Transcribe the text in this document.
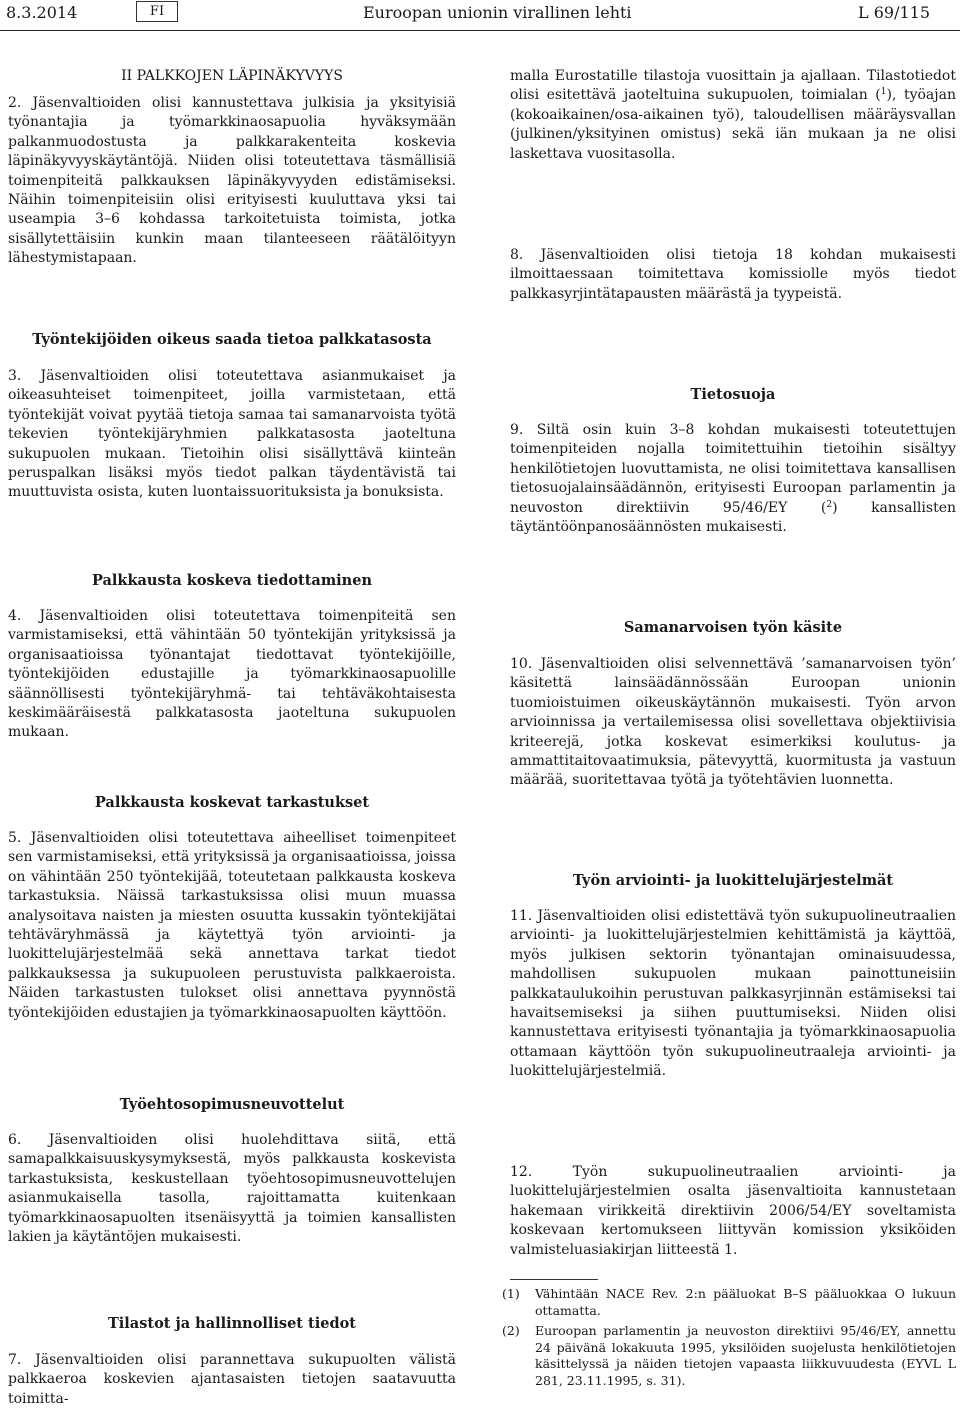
8.3.2014	FI	Euroopan unionin virallinen lehti	L 69/115
II PALKKOJEN LÄPINÄKYVYYS
2. Jäsenvaltioiden olisi kannustettava julkisia ja yksityisiä työnantajia ja työmarkkinaosapuolia hyväksymään palkanmuodostusta ja palkkarakenteita koskevia läpinäkyvyyskäytäntöjä. Niiden olisi toteutettava täsmällisiä toimenpiteitä palkkauksen läpinäkyvyyden edistämiseksi. Näihin toimenpiteisiin olisi erityisesti kuuluttava yksi tai useampia 3–6 kohdassa tarkoitetuista toimista, jotka sisällytettäisiin kunkin maan tilanteeseen räätälöityyn lähestymistapaan.
Työntekijöiden oikeus saada tietoa palkkatasosta
3. Jäsenvaltioiden olisi toteutettava asianmukaiset ja oikeasuhteiset toimenpiteet, joilla varmistetaan, että työntekijät voivat pyytää tietoja samaa tai samanarvoista työtä tekevien työntekijäryhmien palkkatasosta jaoteltuna sukupuolen mukaan. Tietoihin olisi sisällyttävä kiinteän peruspalkan lisäksi myös tiedot palkan täydentävistä tai muuttuvista osista, kuten luontaissuorituksista ja bonuksista.
Palkkausta koskeva tiedottaminen
4. Jäsenvaltioiden olisi toteutettava toimenpiteitä sen varmistamiseksi, että vähintään 50 työntekijän yrityksissä ja organisaatioissa työnantajat tiedottavat työntekijöille, työntekijöiden edustajille ja työmarkkinaosapuolille säännöllisesti työntekijäryhmä- tai tehtäväkohtaisesta keskimääräisestä palkkatasosta jaoteltuna sukupuolen mukaan.
Palkkausta koskevat tarkastukset
5. Jäsenvaltioiden olisi toteutettava aiheelliset toimenpiteet sen varmistamiseksi, että yrityksissä ja organisaatioissa, joissa on vähintään 250 työntekijää, toteutetaan palkkausta koskeva tarkastuksia. Näissä tarkastuksissa olisi muun muassa analysoitava naisten ja miesten osuutta kussakin työntekijätai tehtäväryhmässä ja käytettyä työn arviointi- ja luokittelujärjestelmää sekä annettava tarkat tiedot palkkauksessa ja sukupuoleen perustuvista palkkaeroista. Näiden tarkastusten tulokset olisi annettava pyynnöstä työntekijöiden edustajien ja työmarkkinaosapuolten käyttöön.
Työehtosopimusneuvottelut
6. Jäsenvaltioiden olisi huolehdittava siitä, että samapalkkaisuuskysymyksestä, myös palkkausta koskevista tarkastuksista, keskustellaan työehtosopimusneuvottelujen asianmukaisella tasolla, rajoittamatta kuitenkaan työmarkkinaosapuolten itsenäisyyttä ja toimien kansallisten lakien ja käytäntöjen mukaisesti.
Tilastot ja hallinnolliset tiedot
7. Jäsenvaltioiden olisi parannettava sukupuolten välistä palkkaeroa koskevien ajantasaisten tietojen saatavuutta toimitta-
malla Eurostatille tilastoja vuosittain ja ajallaan. Tilastotiedot olisi esitettävä jaoteltuina sukupuolen, toimialan ($^1$), työajan (kokoaikainen/osa-aikainen työ), taloudellisen määräysvallan (julkinen/yksityinen omistus) sekä iän mukaan ja ne olisi laskettava vuositasolla.
8. Jäsenvaltioiden olisi tietoja 18 kohdan mukaisesti ilmoittaessaan toimitettava komissiolle myös tiedot palkkasyrjintätapausten määrästä ja tyypeistä.
Tietosuoja
9. Siltä osin kuin 3–8 kohdan mukaisesti toteutettujen toimenpiteiden nojalla toimitettuihin tietoihin sisältyy henkilötietojen luovuttamista, ne olisi toimitettava kansallisen tietosuojalainsäädännön, erityisesti Euroopan parlamentin ja neuvoston direktiivin 95/46/EY ($^2$) kansallisten täytäntöönpanosäännösten mukaisesti.
Samanarvoisen työn käsite
10. Jäsenvaltioiden olisi selvennettävä ’samanarvoisen työn’ käsitettä lainsäädännössään Euroopan unionin tuomioistuimen oikeuskäytännön mukaisesti. Työn arvon arvioinnissa ja vertailemisessa olisi sovellettava objektiivisia kriteerejä, jotka koskevat esimerkiksi koulutus- ja ammattitaitovaatimuksia, pätevyyttä, kuormitusta ja vastuun määrää, suoritettavaa työtä ja työtehtävien luonnetta.
Työn arviointi- ja luokittelujärjestelmät
11. Jäsenvaltioiden olisi edistettävä työn sukupuolineutraalien arviointi- ja luokittelujärjestelmien kehittämistä ja käyttöä, myös julkisen sektorin työnantajan ominaisuudessa, mahdollisen sukupuolen mukaan painottuneisiin palkkataulukoihin perustuvan palkkasyrjinnän estämiseksi tai havaitsemiseksi ja siihen puuttumiseksi. Niiden olisi kannustettava erityisesti työnantajia ja työmarkkinaosapuolia ottamaan käyttöön työn sukupuolineutraaleja arviointi- ja luokittelujärjestelmiä.
12. Työn sukupuolineutraalien arviointi- ja luokittelujärjestelmien osalta jäsenvaltioita kannustetaan hakemaan virikkeitä direktiivin 2006/54/EY soveltamista koskevaan kertomukseen liittyvän komission yksiköiden valmisteluasiakirjan liitteestä 1.
(1)	Vähintään NACE Rev. 2:n pääluokat B–S pääluokkaa O lukuun ottamatta.
(2)	Euroopan parlamentin ja neuvoston direktiivi 95/46/EY, annettu 24 päivänä lokakuuta 1995, yksilöiden suojelusta henkilötietojen käsittelyssä ja näiden tietojen vapaasta liikkuvuudesta (EYVL L 281, 23.11.1995, s. 31).
